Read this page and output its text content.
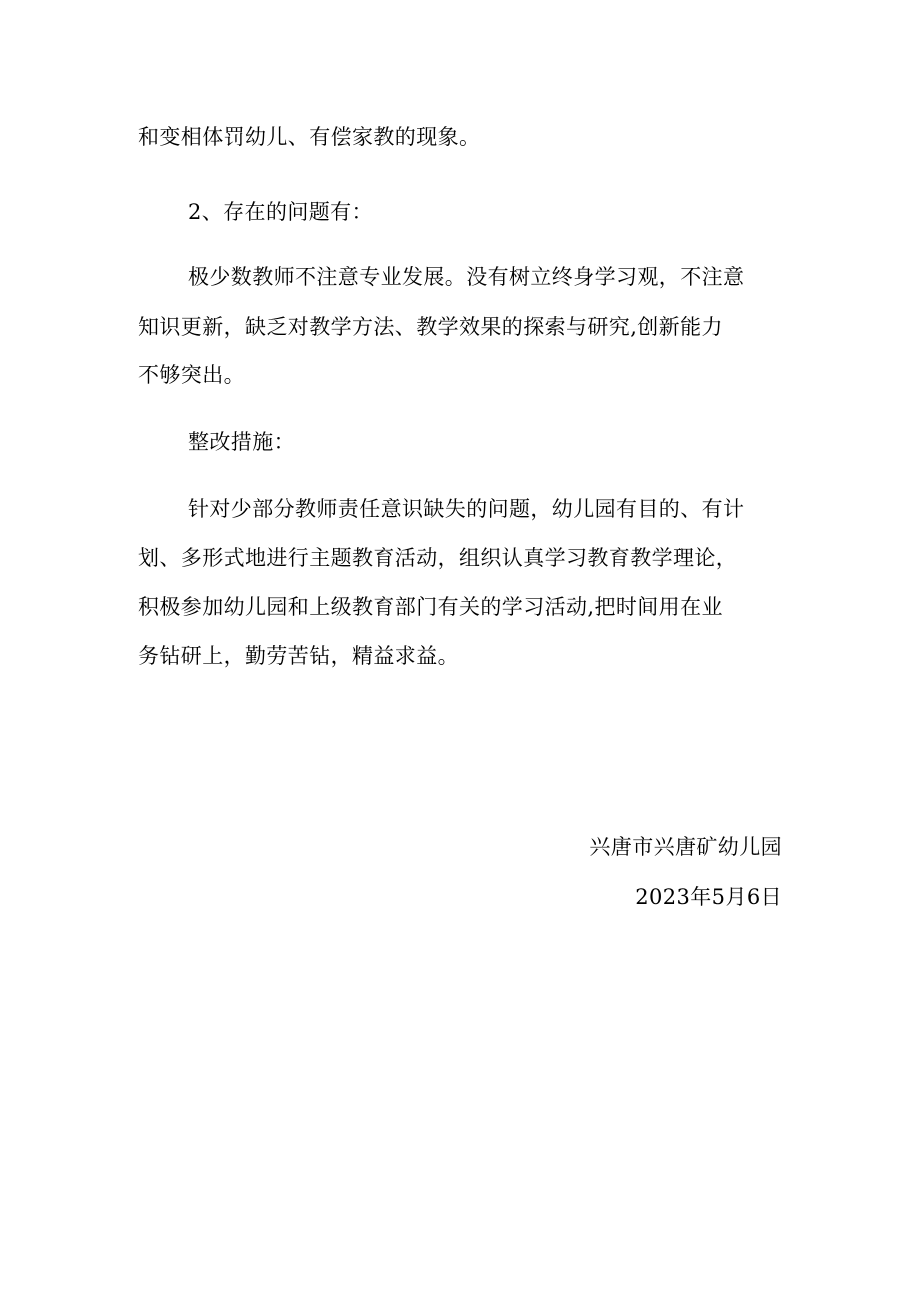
和变相体罚幼儿、有偿家教的现象。
2、存在的问题有：
极少数教师不注意专业发展。没有树立终身学习观，不注意
知识更新，缺乏对教学方法、教学效果的探索与研究,创新能力
不够突出。
整改措施：
针对少部分教师责任意识缺失的问题，幼儿园有目的、有计
划、多形式地进行主题教育活动，组织认真学习教育教学理论，
积极参加幼儿园和上级教育部门有关的学习活动,把时间用在业
务钻研上，勤劳苦钻，精益求益。
兴唐市兴唐矿幼儿园
2023年5月6日
